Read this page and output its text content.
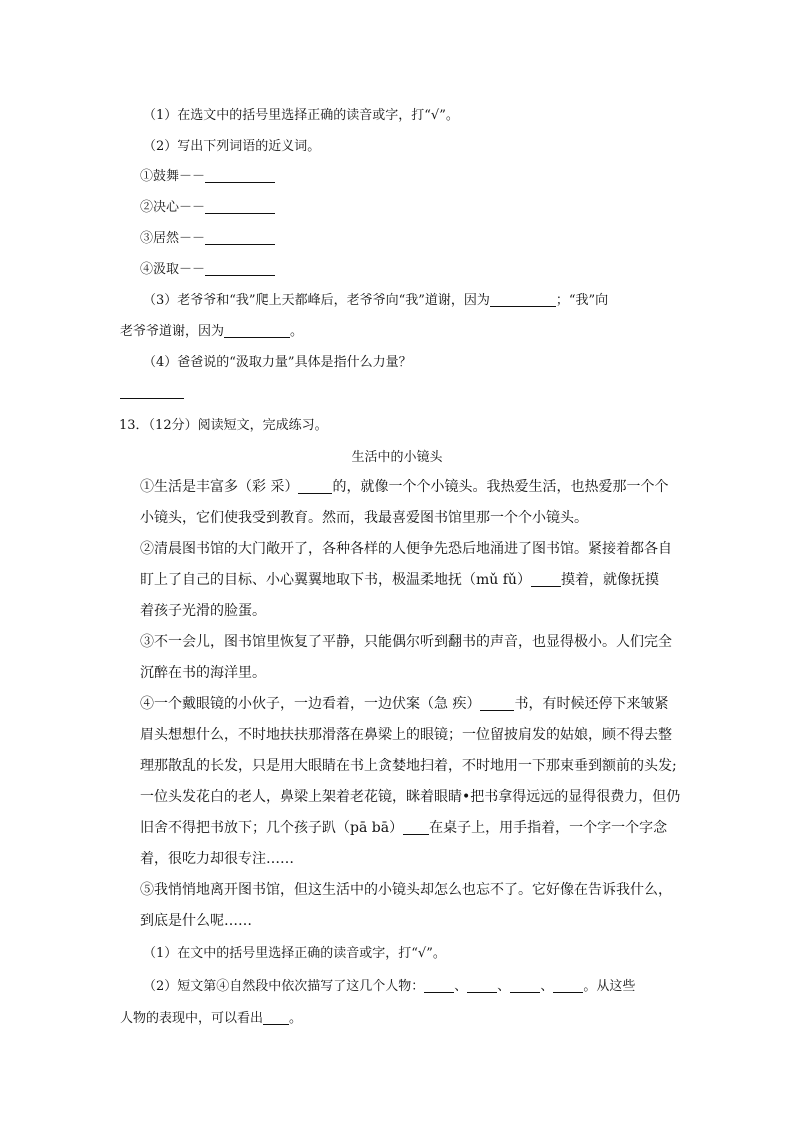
（1）在选文中的括号里选择正确的读音或字，打“√”。
（2）写出下列词语的近义词。
①鼓舞－－
②决心－－
③居然－－
④汲取－－
（3）老爷爷和“我”爬上天都峰后，老爷爷向“我”道谢，因为	；“我”向
老爷爷道谢，因为	。
（4）爸爸说的“汲取力量”具体是指什么力量？
13．（12分）阅读短文，完成练习。
生活中的小镜头
①生活是丰富多（彩 采） 的，就像一个个小镜头。我热爱生活，也热爱那一个个
小镜头，它们使我受到教育。然而，我最喜爱图书馆里那一个个小镜头。
②清晨图书馆的大门敞开了，各种各样的人便争先恐后地涌进了图书馆。紧接着都各自
盯上了自己的目标、小心翼翼地取下书，极温柔地抚（mǔ fǔ） 摸着，就像抚摸
着孩子光滑的脸蛋。
③不一会儿，图书馆里恢复了平静，只能偶尔听到翻书的声音，也显得极小。人们完全
沉醉在书的海洋里。
④一个戴眼镜的小伙子，一边看着，一边伏案（急 疾） 书，有时候还停下来皱紧
眉头想想什么，不时地扶扶那滑落在鼻梁上的眼镜；一位留披肩发的姑娘，顾不得去整
理那散乱的长发，只是用大眼睛在书上贪婪地扫着，不时地用一下那束垂到额前的头发;
一位头发花白的老人，鼻梁上架着老花镜，眯着眼睛•把书拿得远远的显得很费力，但仍
旧舍不得把书放下；几个孩子趴（pā bā） 在桌子上，用手指着，一个字一个字念
着，很吃力却很专注……
⑤我悄悄地离开图书馆，但这生活中的小镜头却怎么也忘不了。它好像在告诉我什么，
到底是什么呢……
（1）在文中的括号里选择正确的读音或字，打“√”。
（2）短文第④自然段中依次描写了这几个人物： 、 、 、 。从这些
人物的表现中，可以看出 。
